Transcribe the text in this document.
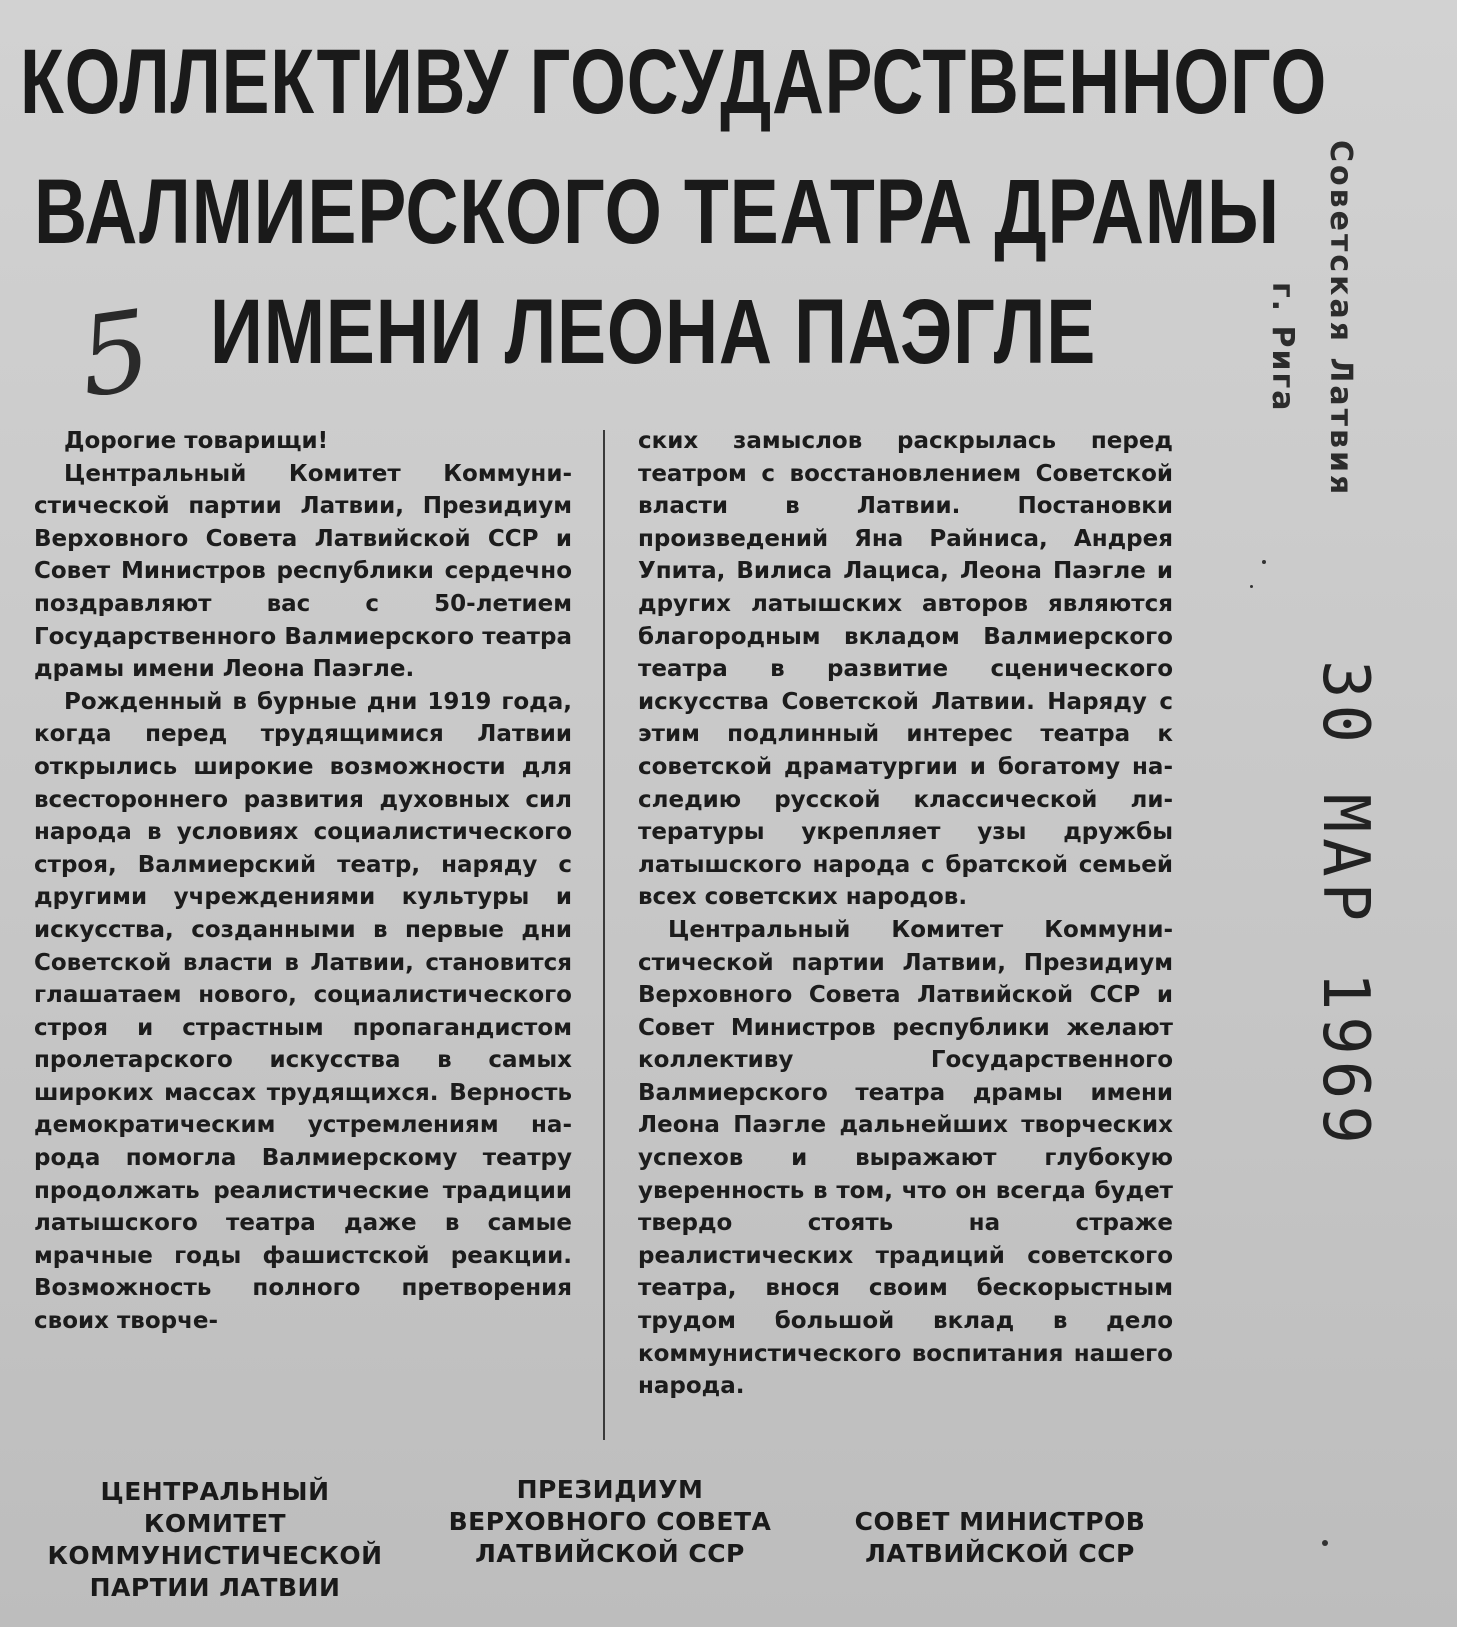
КОЛЛЕКТИВУ ГОСУДАРСТВЕННОГО
ВАЛМИЕРСКОГО ТЕАТРА ДРАМЫ
ИМЕНИ ЛЕОНА ПАЭГЛЕ
5

Дорогие товарищи!

Центральный Комитет Коммунистической партии Латвии, Президиум Верховного Совета Латвийской ССР и Совет Министров республики сердечно поздравляют вас с 50-летием Государственного Валмиерского театра драмы имени Леона Паэгле.

Рожденный в бурные дни 1919 года, когда перед трудящимися Латвии открылись широкие возможности для всестороннего развития духовных сил народа в условиях социалистического строя, Валмиерский театр, наряду с другими учреждениями культуры и искусства, созданными в первые дни Советской власти в Латвии, становится глашатаем нового, социалистического строя и страстным пропагандистом пролетарского искусства в самых широких массах трудящихся. Верность демократическим устремлениям народа помогла Валмиерскому театру продолжать реалистические традиции латышского театра даже в самые мрачные годы фашистской реакции. Возможность полного претворения своих творче-

ских замыслов раскрылась перед театром с восстановлением Советской власти в Латвии. Постановки произведений Яна Райниса, Андрея Упита, Вилиса Лациса, Леона Паэгле и других латышских авторов являются благородным вкладом Валмиерского театра в развитие сценического искусства Советской Латвии. Наряду с этим подлинный интерес театра к советской драматургии и богатому наследию русской классической литературы укрепляет узы дружбы латышского народа с братской семьей всех советских народов.

Центральный Комитет Коммунистической партии Латвии, Президиум Верховного Совета Латвийской ССР и Совет Министров республики желают коллективу Государственного Валмиерского театра драмы имени Леона Паэгле дальнейших творческих успехов и выражают глубокую уверенность в том, что он всегда будет твердо стоять на страже реалистических традиций советского театра, внося своим бескорыстным трудом большой вклад в дело коммунистического воспитания нашего народа.

ЦЕНТРАЛЬНЫЙ
КОМИТЕТ
КОММУНИСТИЧЕСКОЙ
ПАРТИИ ЛАТВИИ
ПРЕЗИДИУМ
ВЕРХОВНОГО СОВЕТА
ЛАТВИЙСКОЙ ССР
СОВЕТ МИНИСТРОВ
ЛАТВИЙСКОЙ ССР
Советская Латвия
г. Рига
30 МАР 1969
